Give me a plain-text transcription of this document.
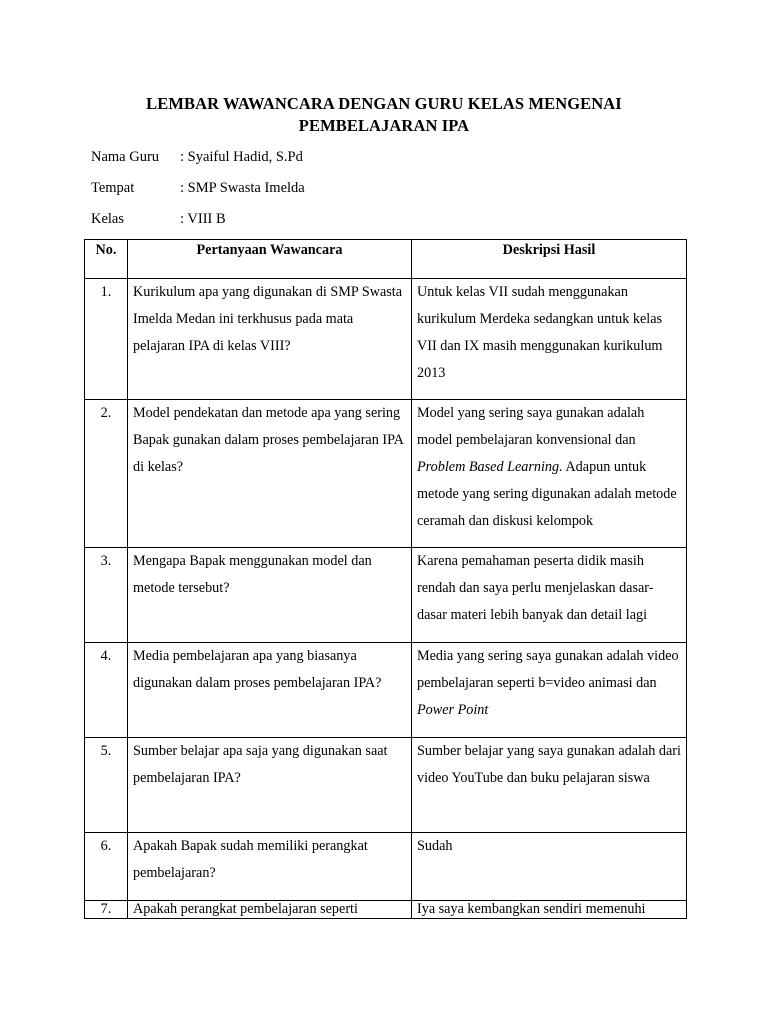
LEMBAR WAWANCARA DENGAN GURU KELAS MENGENAI
PEMBELAJARAN IPA
Nama Guru : Syaiful Hadid, S.Pd
Tempat	: SMP Swasta Imelda
Kelas	: VIII B
No.	Pertanyaan Wawancara	Deskripsi Hasil
1.	Kurikulum apa yang digunakan di SMP Swasta Imelda Medan ini terkhusus pada mata pelajaran IPA di kelas VIII?	Untuk kelas VII sudah menggunakan kurikulum Merdeka sedangkan untuk kelas VII dan IX masih menggunakan kurikulum 2013
2.	Model pendekatan dan metode apa yang sering Bapak gunakan dalam proses pembelajaran IPA di kelas?	Model yang sering saya gunakan adalah model pembelajaran konvensional dan Problem Based Learning. Adapun untuk metode yang sering digunakan adalah metode ceramah dan diskusi kelompok
3.	Mengapa Bapak menggunakan model dan metode tersebut?	Karena pemahaman peserta didik masih rendah dan saya perlu menjelaskan dasar-dasar materi lebih banyak dan detail lagi
4.	Media pembelajaran apa yang biasanya digunakan dalam proses pembelajaran IPA?	Media yang sering saya gunakan adalah video pembelajaran seperti b=video animasi dan Power Point
5.	Sumber belajar apa saja yang digunakan saat pembelajaran IPA?	Sumber belajar yang saya gunakan adalah dari video YouTube dan buku pelajaran siswa
6.	Apakah Bapak sudah memiliki perangkat pembelajaran?	Sudah
7.	Apakah perangkat pembelajaran seperti	Iya saya kembangkan sendiri memenuhi
